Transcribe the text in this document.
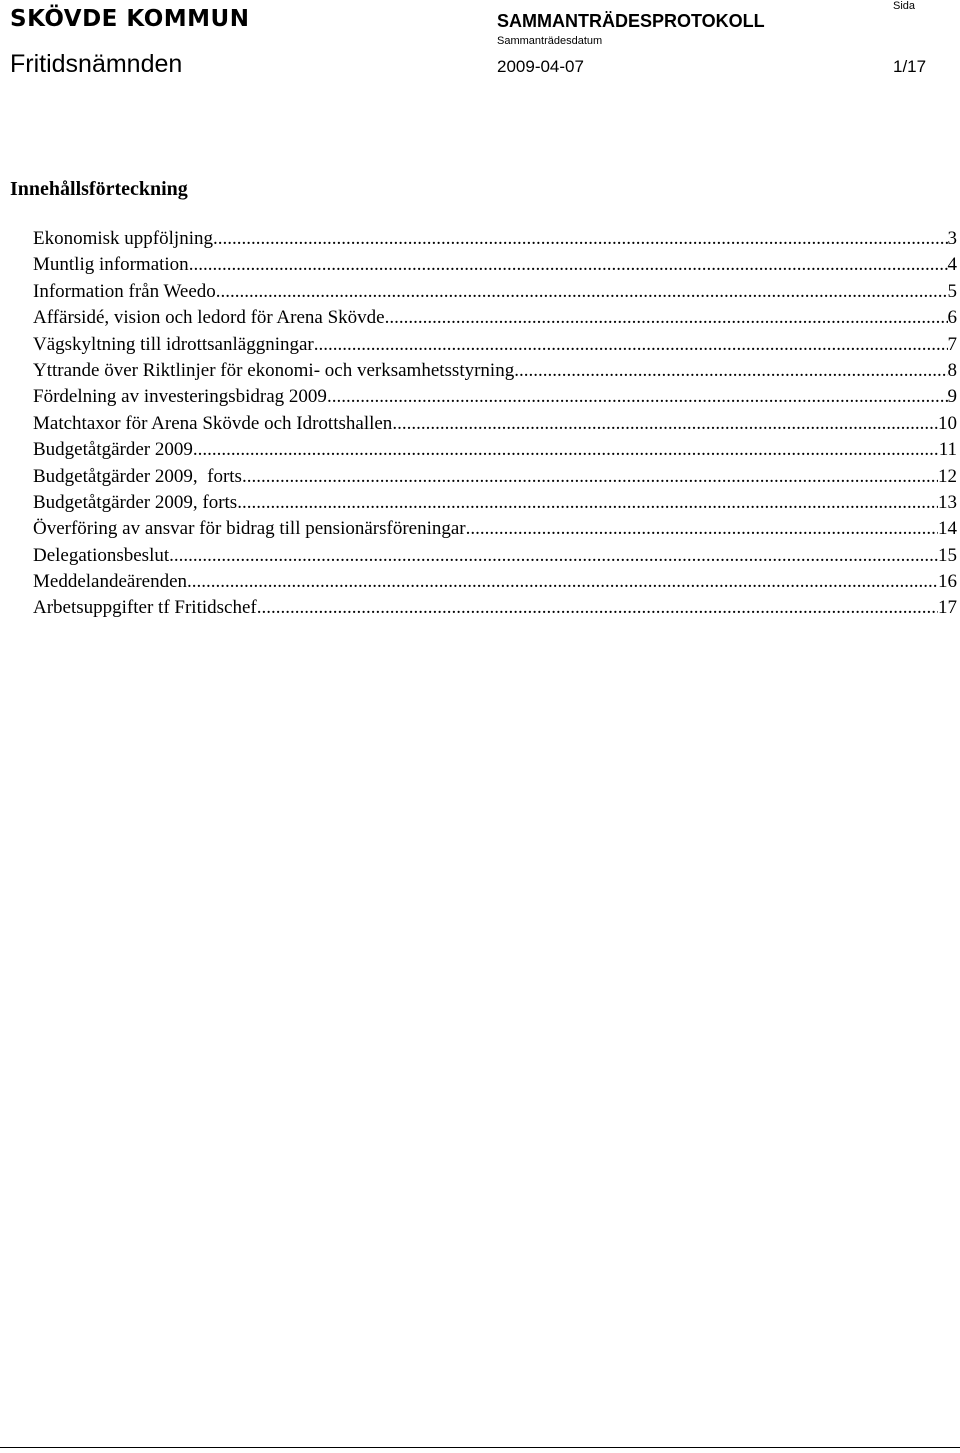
SKÖVDE KOMMUN	SAMMANTRÄDESPROTOKOLL
Sammanträdesdatum
Sida
Fritidsnämnden	2009-04-07	1/17
Innehållsförteckning
Ekonomisk uppföljning .....	3
Muntlig information .....	4
Information från Weedo .....	5
Affärsidé, vision och ledord för Arena Skövde .....	6
Vägskyltning till idrottsanläggningar .....	7
Yttrande över Riktlinjer för ekonomi- och verksamhetsstyrning .....	8
Fördelning av investeringsbidrag 2009 .....	9
Matchtaxor för Arena Skövde och Idrottshallen .....	10
Budgetåtgärder 2009 .....	11
Budgetåtgärder 2009,  forts. .....	12
Budgetåtgärder 2009, forts. .....	13
Överföring av ansvar för bidrag till pensionärsföreningar .....	14
Delegationsbeslut .....	15
Meddelandeärenden .....	16
Arbetsuppgifter tf Fritidschef .....	17
